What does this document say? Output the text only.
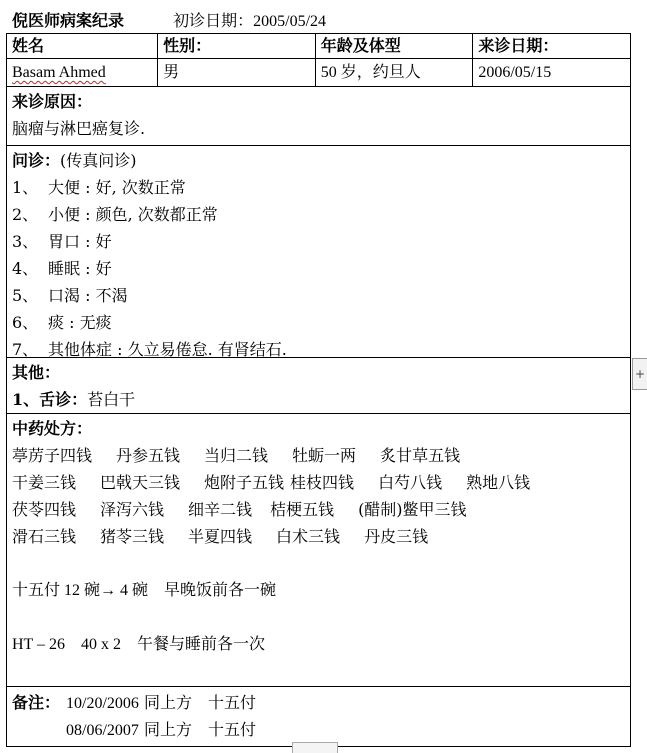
倪医师病案纪录	初诊日期：2005/05/24
姓名	性别：	年龄及体型	来诊日期：
Basam Ahmed	男	50 岁，约旦人	2006/05/15
来诊原因：
脑瘤与淋巴癌复诊.
问诊：(传真问诊)
1、 大便 : 好, 次数正常
2、 小便 : 颜色, 次数都正常
3、 胃口 : 好
4、 睡眠 : 好
5、 口渴 : 不渴
6、 痰 : 无痰
7、 其他体症 : 久立易倦怠. 有肾结石.
其他：
1、舌诊：苔白干
中药处方：
葶苈子四钱 丹参五钱 当归二钱 牡蛎一两 炙甘草五钱
干姜三钱 巴戟天三钱 炮附子五钱 桂枝四钱 白芍八钱 熟地八钱
茯苓四钱 泽泻六钱 细辛二钱 桔梗五钱 (醋制)鳖甲三钱
滑石三钱 猪苓三钱 半夏四钱 白术三钱 丹皮三钱
十五付 12 碗→ 4 碗　早晚饭前各一碗
HT – 26　40 x 2　午餐与睡前各一次
备注： 10/20/2006 同上方　十五付
08/06/2007 同上方　十五付
+
